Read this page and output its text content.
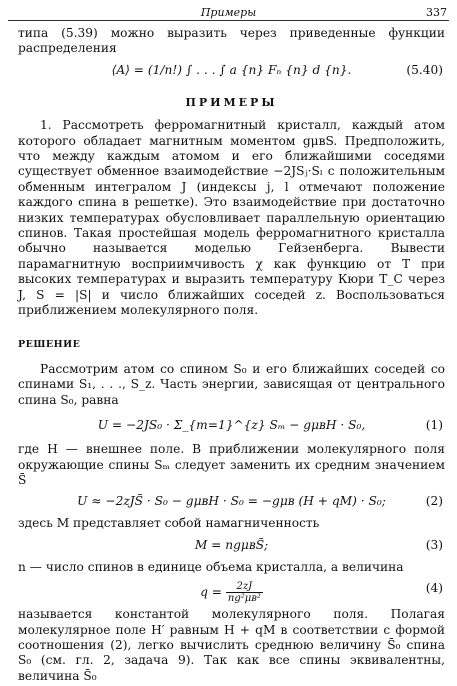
Примеры	337

типа (5.39) можно выразить через приведенные функции распределения

⟨A⟩ = (1/n!) ∫ . . . ∫ a {n} Fₙ {n} d {n}.	(5.40)
ПРИМЕРЫ

1. Рассмотреть ферромагнитный кристалл, каждый атом которого обладает магнитным моментом gμʙS. Предположить, что между каждым атомом и его ближайшими соседями существует обменное взаимодействие −2JSⱼ·Sₗ с положительным обменным интегралом J (индексы j, l отмечают положение каждого спина в решетке). Это взаимодействие при достаточно низких температурах обусловливает параллельную ориентацию спинов. Такая простейшая модель ферромагнитного кристалла обычно называется моделью Гейзенберга. Вывести парамагнитную восприимчивость χ как функцию от T при высоких температурах и выразить температуру Кюри T_C через J, S = |S| и число ближайших соседей z. Воспользоваться приближением молекулярного поля.

РЕШЕНИЕ

Рассмотрим атом со спином S₀ и его ближайших соседей со спинами S₁, . . ., S_z. Часть энергии, зависящая от центрального спина S₀, равна

U = −2JS₀ · Σ_{m=1}^{z} Sₘ − gμʙH · S₀,	(1)

где H — внешнее поле. В приближении молекулярного поля окружающие спины Sₘ следует заменить их средним значением S̄

U ≈ −2zJS̄ · S₀ − gμʙH · S₀ = −gμʙ (H + qM) · S₀;	(2)

здесь M представляет собой намагниченность

M = ngμʙS̄;	(3)

n — число спинов в единице объема кристалла, а величина

$q = \frac{2zJ}{\text{ng²μʙ²}}$	(4)

называется константой молекулярного поля. Полагая молекулярное поле H′ равным H + qM в соответствии с формой соотношения (2), легко вычислить среднюю величину S̄₀ спина S₀ (см. гл. 2, задача 9). Так как все спины эквивалентны, величина S̄₀
